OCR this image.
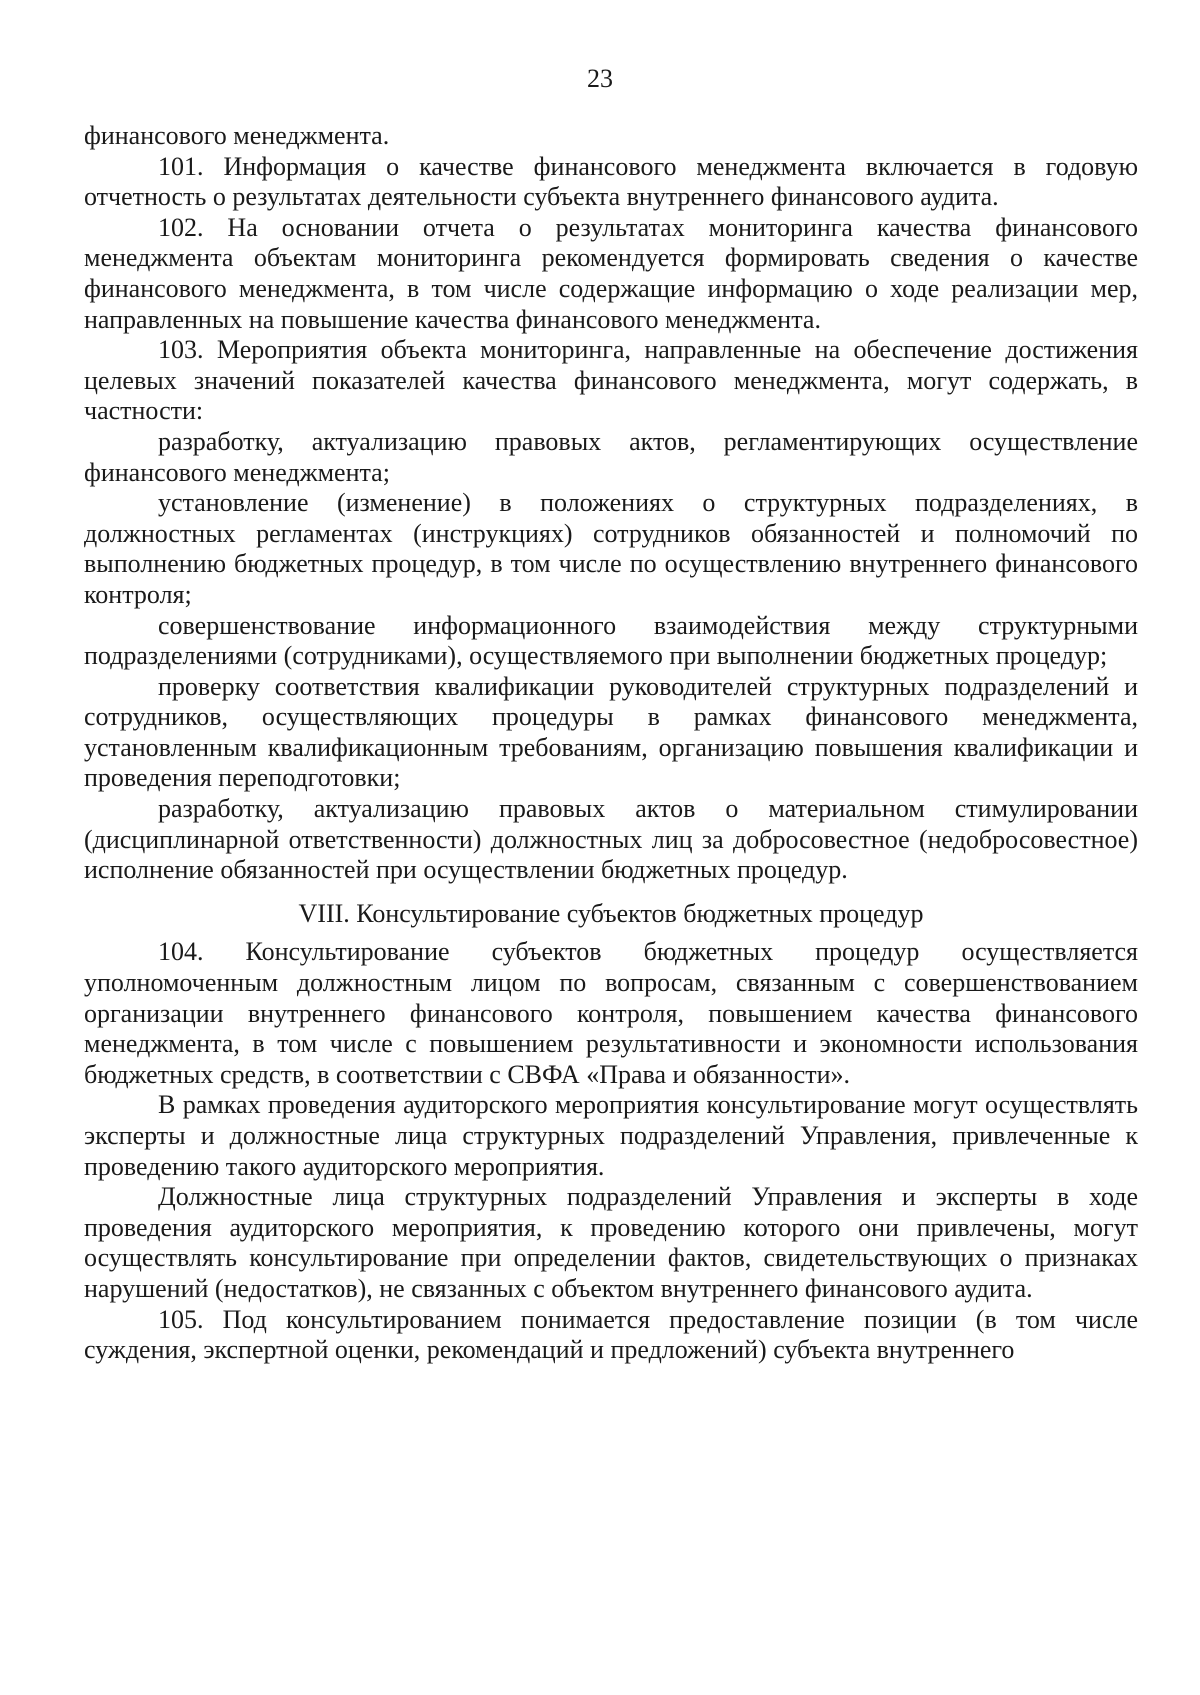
23

финансового менеджмента.

101. Информация о качестве финансового менеджмента включается в годовую отчетность о результатах деятельности субъекта внутреннего финансового аудита.

102. На основании отчета о результатах мониторинга качества финансового менеджмента объектам мониторинга рекомендуется формировать сведения о качестве финансового менеджмента, в том числе содержащие информацию о ходе реализации мер, направленных на повышение качества финансового менеджмента.

103. Мероприятия объекта мониторинга, направленные на обеспечение достижения целевых значений показателей качества финансового менеджмента, могут содержать, в частности:

разработку, актуализацию правовых актов, регламентирующих осуществление финансового менеджмента;

установление (изменение) в положениях о структурных подразделениях, в должностных регламентах (инструкциях) сотрудников обязанностей и полномочий по выполнению бюджетных процедур, в том числе по осуществлению внутреннего финансового контроля;

совершенствование информационного взаимодействия между структурными подразделениями (сотрудниками), осуществляемого при выполнении бюджетных процедур;

проверку соответствия квалификации руководителей структурных подразделений и сотрудников, осуществляющих процедуры в рамках финансового менеджмента, установленным квалификационным требованиям, организацию повышения квалификации и проведения переподготовки;

разработку, актуализацию правовых актов о материальном стимулировании (дисциплинарной ответственности) должностных лиц за добросовестное (недобросовестное) исполнение обязанностей при осуществлении бюджетных процедур.

VIII. Консультирование субъектов бюджетных процедур

104. Консультирование субъектов бюджетных процедур осуществляется уполномоченным должностным лицом по вопросам, связанным с совершенствованием организации внутреннего финансового контроля, повышением качества финансового менеджмента, в том числе с повышением результативности и экономности использования бюджетных средств, в соответствии с СВФА «Права и обязанности».

В рамках проведения аудиторского мероприятия консультирование могут осуществлять эксперты и должностные лица структурных подразделений Управления, привлеченные к проведению такого аудиторского мероприятия.

Должностные лица структурных подразделений Управления и эксперты в ходе проведения аудиторского мероприятия, к проведению которого они привлечены, могут осуществлять консультирование при определении фактов, свидетельствующих о признаках нарушений (недостатков), не связанных с объектом внутреннего финансового аудита.

105. Под консультированием понимается предоставление позиции (в том числе суждения, экспертной оценки, рекомендаций и предложений) субъекта внутреннего
